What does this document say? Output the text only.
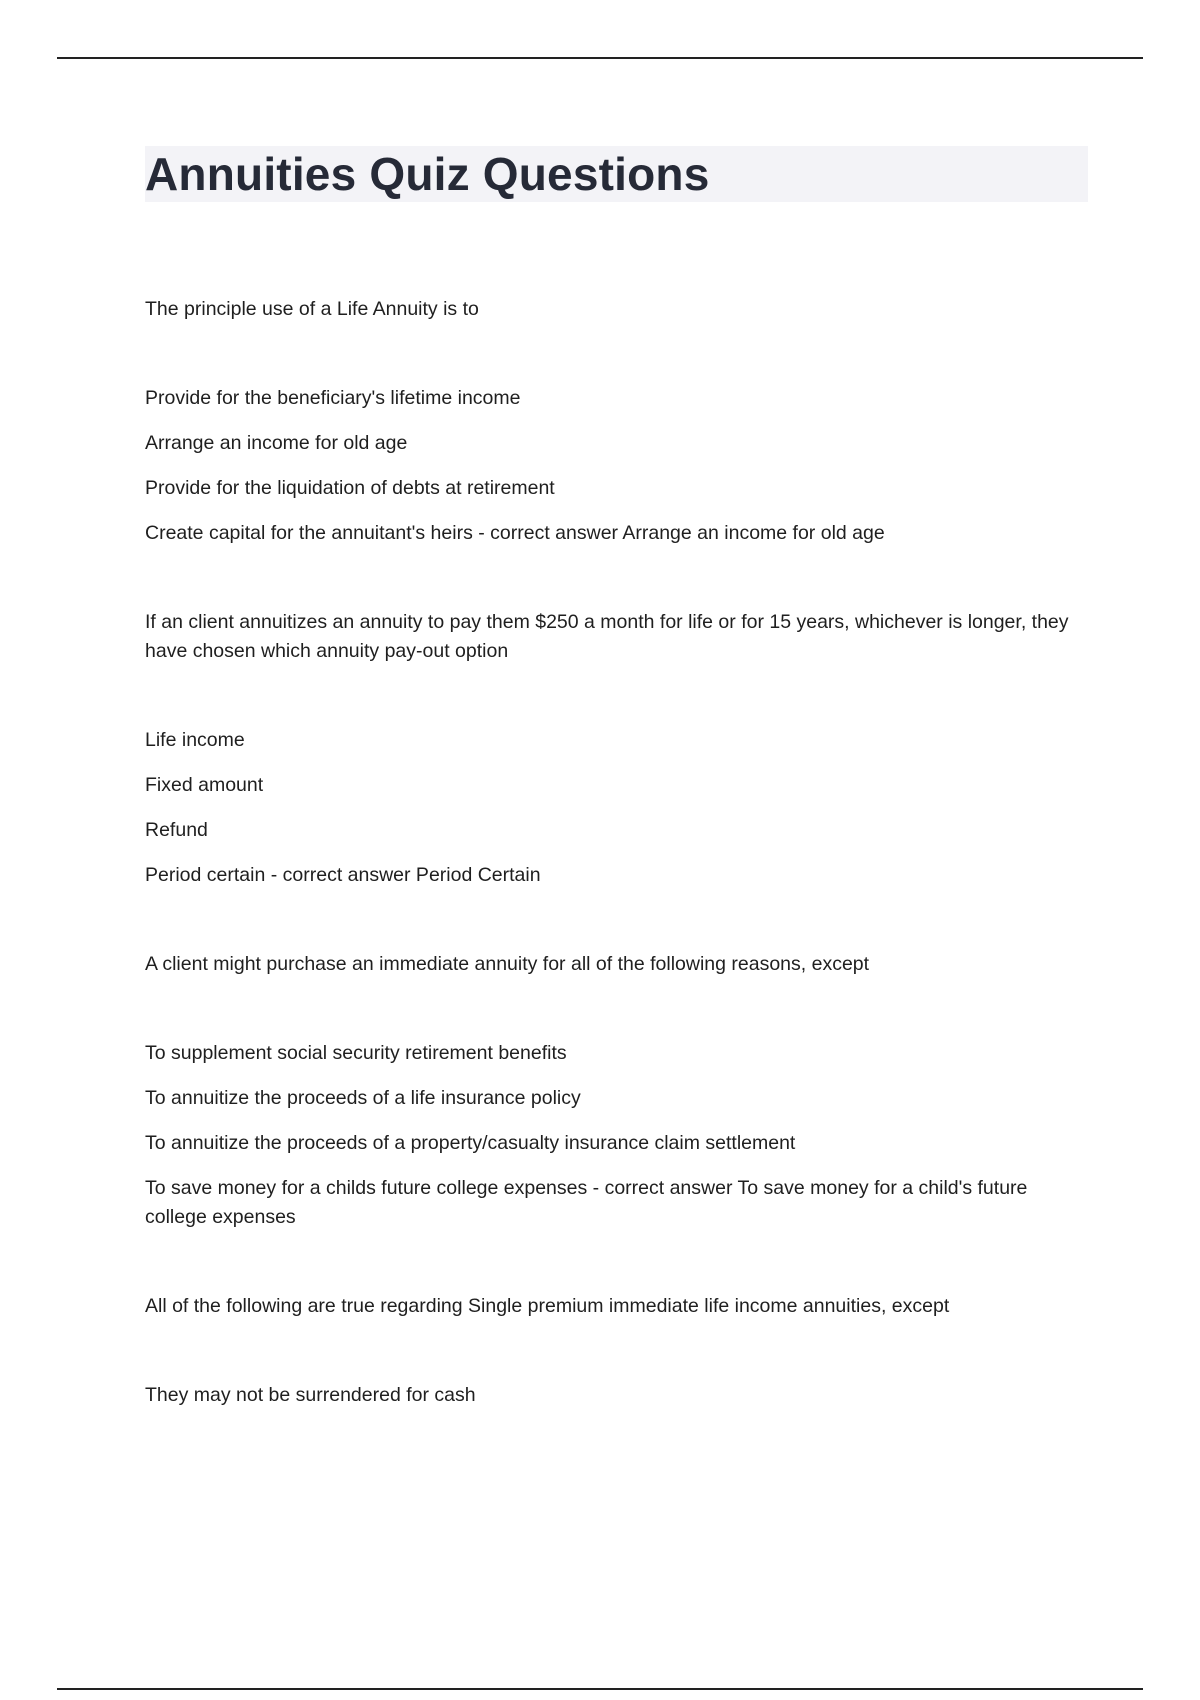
Annuities Quiz Questions

The principle use of a Life Annuity is to

Provide for the beneficiary's lifetime income

Arrange an income for old age

Provide for the liquidation of debts at retirement

Create capital for the annuitant's heirs - correct answer Arrange an income for old age

If an client annuitizes an annuity to pay them $250 a month for life or for 15 years, whichever is longer, they have chosen which annuity pay-out option

Life income

Fixed amount

Refund

Period certain - correct answer Period Certain

A client might purchase an immediate annuity for all of the following reasons, except

To supplement social security retirement benefits

To annuitize the proceeds of a life insurance policy

To annuitize the proceeds of a property/casualty insurance claim settlement

To save money for a childs future college expenses - correct answer To save money for a child's future college expenses

All of the following are true regarding Single premium immediate life income annuities, except

They may not be surrendered for cash
